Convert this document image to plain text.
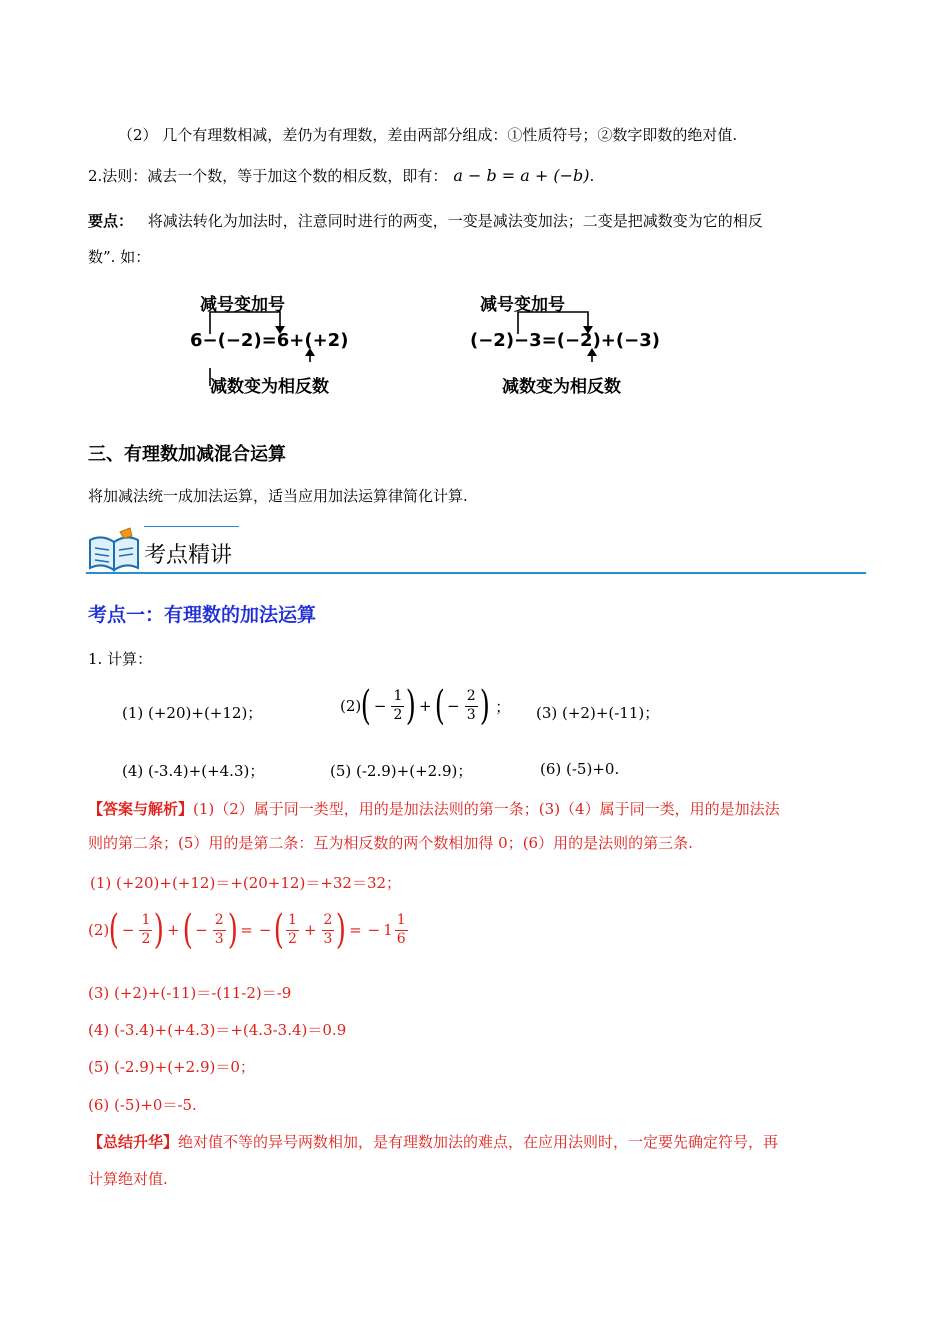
（2） 几个有理数相减，差仍为有理数，差由两部分组成：①性质符号；②数字即数的绝对值.
2.法则：减去一个数，等于加这个数的相反数，即有： a − b = a + (−b) .
要点： 将减法转化为加法时，注意同时进行的两变，一变是减法变加法；二变是把减数变为它的相反
数”. 如：
减号变加号
6−(−2)=6+(+2)
减数变为相反数
减号变加号
(−2)−3=(−2)+(−3)
减数变为相反数
三、有理数加减混合运算
将加减法统一成加法运算，适当应用加法运算律简化计算.
考点精讲
考点一：有理数的加法运算
1. 计算：
(1) (+20)+(+12)；	(2) ( − $\frac{1}{2}$ ) + ( − $\frac{2}{3}$ ) ； (3) (+2)+(-11)；
(4) (-3.4)+(+4.3)；	(5) (-2.9)+(+2.9)；	(6) (-5)+0.
【答案与解析】(1)（2）属于同一类型，用的是加法法则的第一条；(3)（4）属于同一类，用的是加法法
则的第二条；(5）用的是第二条：互为相反数的两个数相加得 0；(6）用的是法则的第三条.
(1) (+20)+(+12)＝+(20+12)＝+32＝32；
(2) ( − $\frac{1}{2}$ ) + ( − $\frac{2}{3}$ ) = − ( $\frac{1}{2} + \frac{2}{3}$ ) = − $1 \frac{1}{6}$
(3) (+2)+(-11)＝-(11-2)＝-9
(4) (-3.4)+(+4.3)＝+(4.3-3.4)＝0.9
(5) (-2.9)+(+2.9)＝0；
(6) (-5)+0＝-5.
【总结升华】绝对值不等的异号两数相加，是有理数加法的难点，在应用法则时，一定要先确定符号，再
计算绝对值.
